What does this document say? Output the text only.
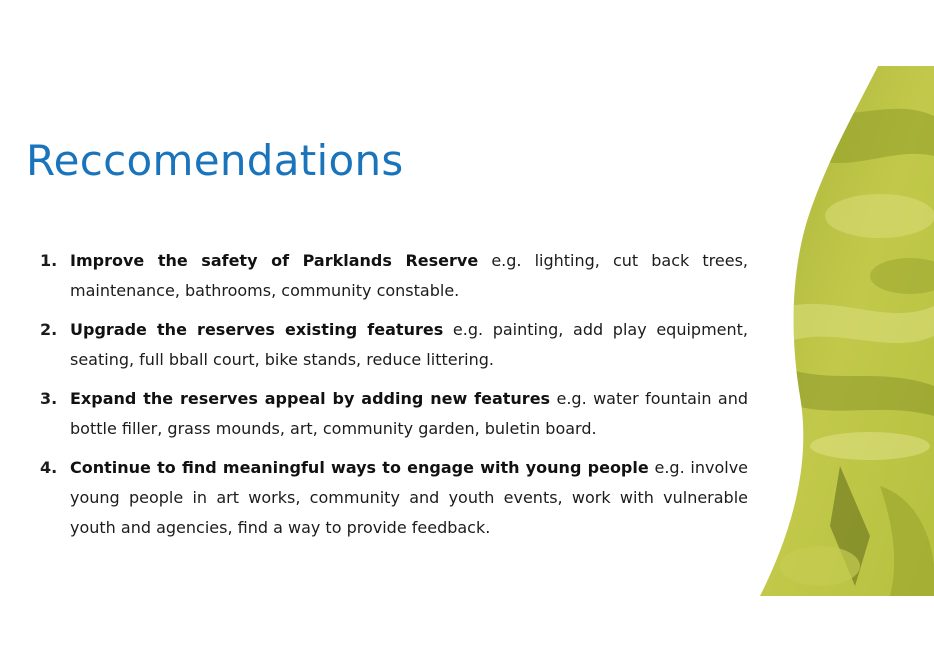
Reccomendations
1. Improve the safety of Parklands Reserve e.g. lighting, cut back trees, maintenance, bathrooms, community constable.
2. Upgrade the reserves existing features e.g. painting, add play equipment, seating, full bball court, bike stands, reduce littering.
3. Expand the reserves appeal by adding new features e.g. water fountain and bottle filler, grass mounds, art, community garden, buletin board.
4. Continue to find meaningful ways to engage with young people e.g. involve young people in art works, community and youth events, work with vulnerable youth and agencies, find a way to provide feedback.
